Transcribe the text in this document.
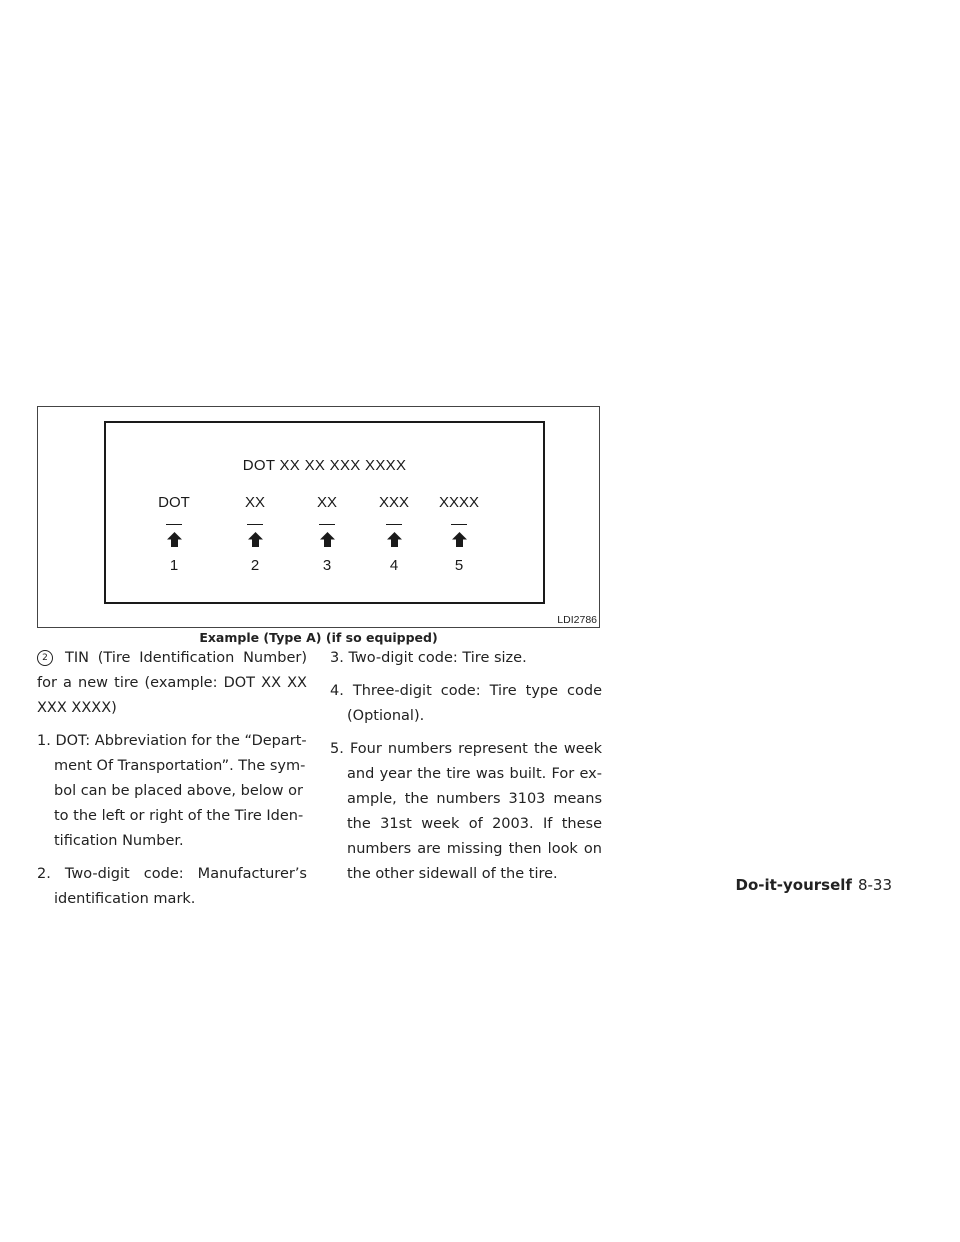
DOT XX XX XXX XXXX
DOT
1
XX
2
XX
3
XXX
4
XXXX
5
LDI2786
Example (Type A) (if so equipped)

2 TIN (Tire Identification Number) for a new tire (example: DOT XX XX XXX XXXX)

1. DOT: Abbreviation for the “Depart-ment Of Transportation”. The sym-bol can be placed above, below or to the left or right of the Tire Iden-tification Number.

2. Two-digit code: Manufacturer’s identification mark.

3. Two-digit code: Tire size.

4. Three-digit code: Tire type code (Optional).

5. Four numbers represent the week and year the tire was built. For ex-ample, the numbers 3103 means the 31st week of 2003. If these numbers are missing then look on the other sidewall of the tire.

Do-it-yourself 8-33
